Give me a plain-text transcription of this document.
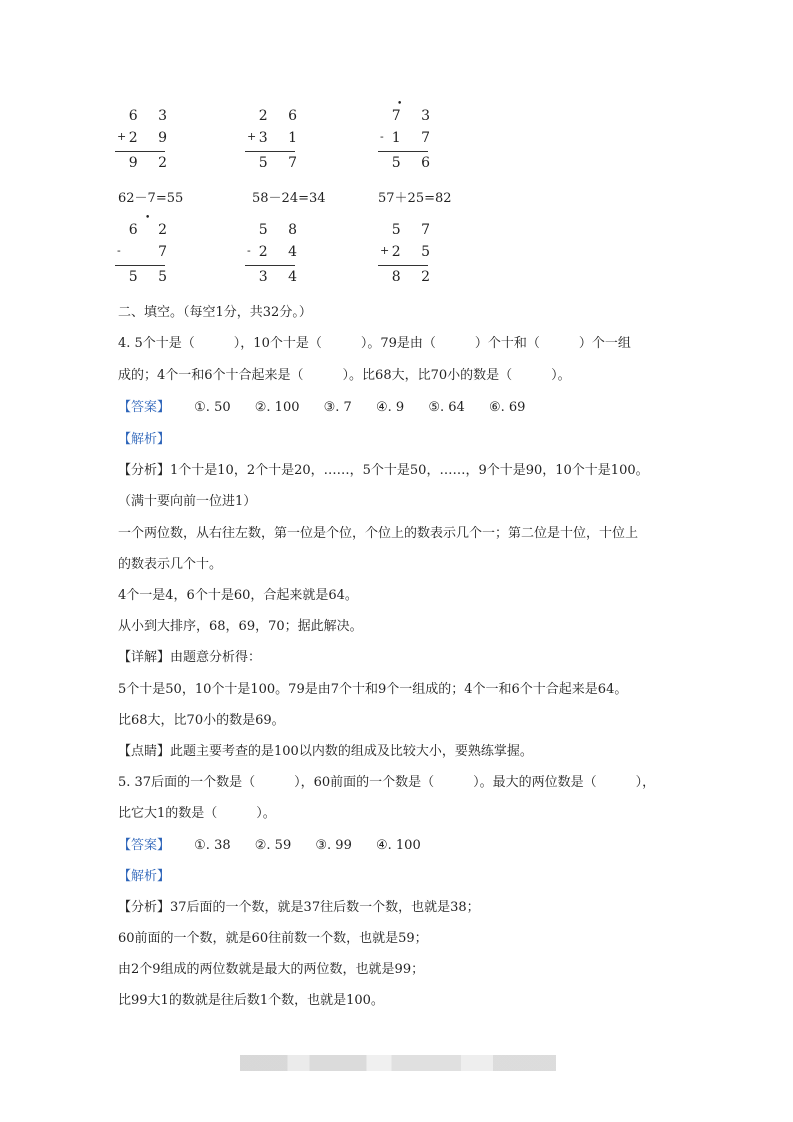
6 3
+ 2 9
9 2
2 6
+ 3 1
5 7
•
7 3
- 1 7
5 6
62－7=55	58－24=34	57＋25=82
•
6 2
-	7
5 5
5 8
- 2 4
3 4
5 7
+ 2 5
8 2
二、填空。（每空1分，共32分。）
4. 5个十是（　　　），10个十是（　　　）。79是由（　　　）个十和（　　　）个一组
成的；4个一和6个十合起来是（　　　）。比68大，比70小的数是（　　　）。
【答案】 ①. 50 ②. 100 ③. 7 ④. 9 ⑤. 64 ⑥. 69
【解析】
【分析】1个十是10，2个十是20，……，5个十是50，……，9个十是90，10个十是100。
（满十要向前一位进1）
一个两位数，从右往左数，第一位是个位，个位上的数表示几个一；第二位是十位，十位上
的数表示几个十。
4个一是4，6个十是60，合起来就是64。
从小到大排序，68，69，70；据此解决。
【详解】由题意分析得：
5个十是50，10个十是100。79是由7个十和9个一组成的；4个一和6个十合起来是64。
比68大，比70小的数是69。
【点睛】此题主要考查的是100以内数的组成及比较大小，要熟练掌握。
5. 37后面的一个数是（　　　），60前面的一个数是（　　　）。最大的两位数是（　　　），
比它大1的数是（　　　）。
【答案】 ①. 38 ②. 59 ③. 99 ④. 100
【解析】
【分析】37后面的一个数，就是37往后数一个数，也就是38；
60前面的一个数，就是60往前数一个数，也就是59；
由2个9组成的两位数就是最大的两位数，也就是99；
比99大1的数就是往后数1个数，也就是100。
